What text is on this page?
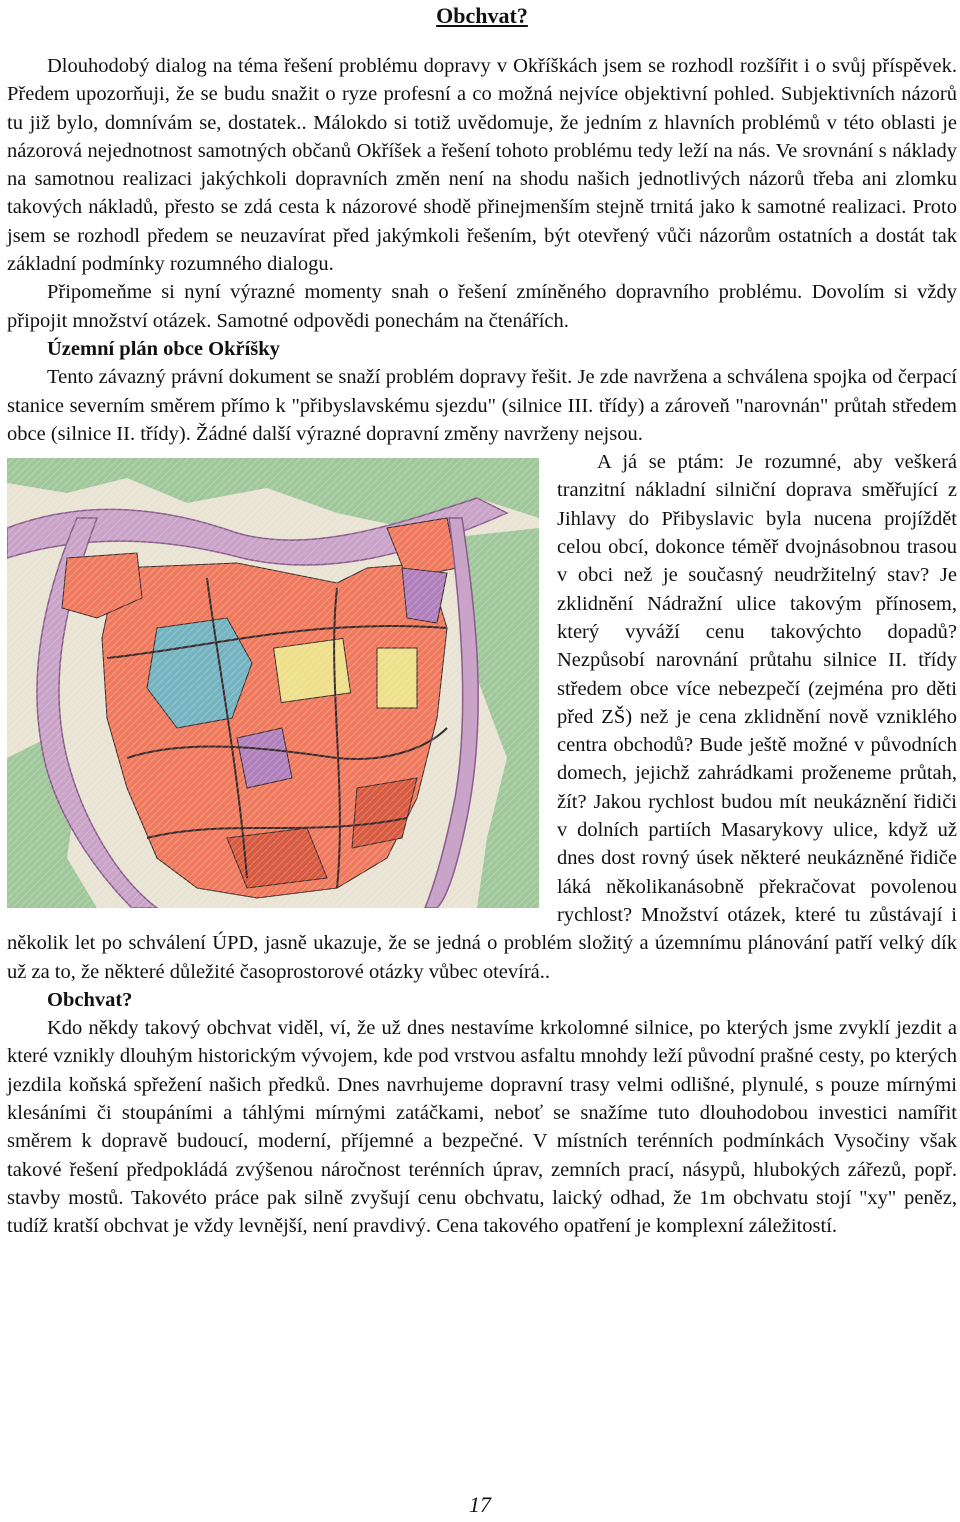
Obchvat?

Dlouhodobý dialog na téma řešení problému dopravy v Okříškách jsem se rozhodl rozšířit i o svůj příspěvek. Předem upozorňuji, že se budu snažit o ryze profesní a co možná nejvíce objektivní pohled. Subjektivních názorů tu již bylo, domnívám se, dostatek.. Málokdo si totiž uvědomuje, že jedním z hlavních problémů v této oblasti je názorová nejednotnost samotných občanů Okříšek a řešení tohoto problému tedy leží na nás. Ve srovnání s náklady na samotnou realizaci jakýchkoli dopravních změn není na shodu našich jednotlivých názorů třeba ani zlomku takových nákladů, přesto se zdá cesta k názorové shodě přinejmenším stejně trnitá jako k samotné realizaci. Proto jsem se rozhodl předem se neuzavírat před jakýmkoli řešením, být otevřený vůči názorům ostatních a dostát tak základní podmínky rozumného dialogu.

Připomeňme si nyní výrazné momenty snah o řešení zmíněného dopravního problému. Dovolím si vždy připojit množství otázek. Samotné odpovědi ponechám na čtenářích.

Územní plán obce Okříšky

Tento závazný právní dokument se snaží problém dopravy řešit. Je zde navržena a schválena spojka od čerpací stanice severním směrem přímo k "přibyslavskému sjezdu" (silnice III. třídy) a zároveň "narovnán" průtah středem obce (silnice II. třídy). Žádné další výrazné dopravní změny navrženy nejsou.

A já se ptám: Je rozumné, aby veškerá tranzitní nákladní silniční doprava směřující z Jihlavy do Přibyslavic byla nucena projíždět celou obcí, dokonce téměř dvojnásobnou trasou v obci než je současný neudržitelný stav? Je zklidnění Nádražní ulice takovým přínosem, který vyváží cenu takovýchto dopadů? Nezpůsobí narovnání průtahu silnice II. třídy středem obce více nebezpečí (zejména pro děti před ZŠ) než je cena zklidnění nově vzniklého centra obchodů? Bude ještě možné v původních domech, jejichž zahrádkami proženeme průtah, žít? Jakou rychlost budou mít neukáznění řidiči v dolních partiích Masarykovy ulice, když už dnes dost rovný úsek některé neukázněné řidiče láká několikanásobně překračovat povolenou rychlost? Množství otázek, které tu zůstávají i několik let po schválení ÚPD, jasně ukazuje, že se jedná o problém složitý a územnímu plánování patří velký dík už za to, že některé důležité časoprostorové otázky vůbec otevírá..

Obchvat?

Kdo někdy takový obchvat viděl, ví, že už dnes nestavíme krkolomné silnice, po kterých jsme zvyklí jezdit a které vznikly dlouhým historickým vývojem, kde pod vrstvou asfaltu mnohdy leží původní prašné cesty, po kterých jezdila koňská spřežení našich předků. Dnes navrhujeme dopravní trasy velmi odlišné, plynulé, s pouze mírnými klesáními či stoupáními a táhlými mírnými zatáčkami, neboť se snažíme tuto dlouhodobou investici namířit směrem k dopravě budoucí, moderní, příjemné a bezpečné. V místních terénních podmínkách Vysočiny však takové řešení předpokládá zvýšenou náročnost terénních úprav, zemních prací, násypů, hlubokých zářezů, popř. stavby mostů. Takovéto práce pak silně zvyšují cenu obchvatu, laický odhad, že 1m obchvatu stojí "xy" peněz, tudíž kratší obchvat je vždy levnější, není pravdivý. Cena takového opatření je komplexní záležitostí.

17
